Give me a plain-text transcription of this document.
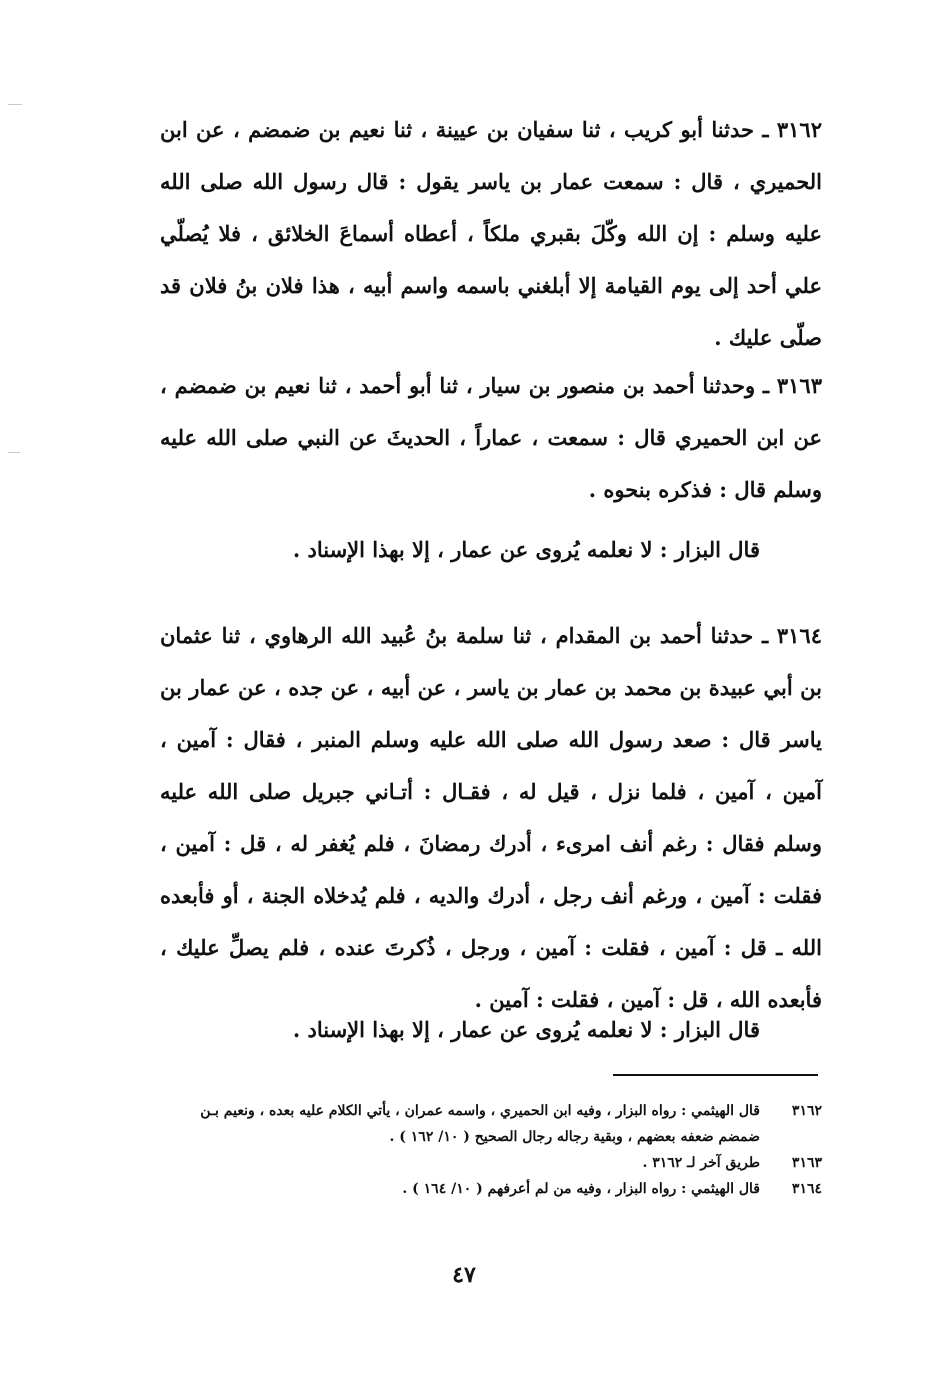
٣١٦٢ ـ حدثنا أبو كريب ، ثنا سفيان بن عيينة ، ثنا نعيم بن ضمضم ، عن ابن الحميري ، قال : سمعت عمار بن ياسر يقول : قال رسول الله صلى الله عليه وسلم : إن الله وكّلَ بقبري ملكاً ، أعطاه أسماعَ الخلائق ، فلا يُصلّي علي أحد إلى يوم القيامة إلا أبلغني باسمه واسم أبيه ، هذا فلان بنُ فلان قد صلّى عليك .

٣١٦٣ ـ وحدثنا أحمد بن منصور بن سيار ، ثنا أبو أحمد ، ثنا نعيم بن ضمضم ، عن ابن الحميري قال : سمعت ، عماراً ، الحديثَ عن النبي صلى الله عليه وسلم قال : فذكره بنحوه .

قال البزار : لا نعلمه يُروى عن عمار ، إلا بهذا الإسناد .

٣١٦٤ ـ حدثنا أحمد بن المقدام ، ثنا سلمة بنُ عُبيد الله الرهاوي ، ثنا عثمان بن أبي عبيدة بن محمد بن عمار بن ياسر ، عن أبيه ، عن جده ، عن عمار بن ياسر قال : صعد رسول الله صلى الله عليه وسلم المنبر ، فقال : آمين ، آمين ، آمين ، فلما نزل ، قيل له ، فقـال : أتـاني جبريل صلى الله عليه وسلم فقال : رغم أنف امرىء ، أدرك رمضانَ ، فلم يُغفر له ، قل : آمين ، فقلت : آمين ، ورغم أنف رجل ، أدرك والديه ، فلم يُدخلاه الجنة ، أو فأبعده الله ـ قل : آمين ، فقلت : آمين ، ورجل ، ذُكرتَ عنده ، فلم يصلِّ عليك ، فأبعده الله ، قل : آمين ، فقلت : آمين .

قال البزار : لا نعلمه يُروى عن عمار ، إلا بهذا الإسناد .
٣١٦٢
قال الهيثمي : رواه البزار ، وفيه ابن الحميري ، واسمه عمران ، يأتي الكلام عليه بعده ، ونعيم بـن ضمضم ضعفه بعضهم ، وبقية رجاله رجال الصحيح ( ١٠/ ١٦٢ ) .
٣١٦٣
طريق آخر لـ ٣١٦٢ .
٣١٦٤
قال الهيثمي : رواه البزار ، وفيه من لم أعرفهم ( ١٠/ ١٦٤ ) .
٤٧
